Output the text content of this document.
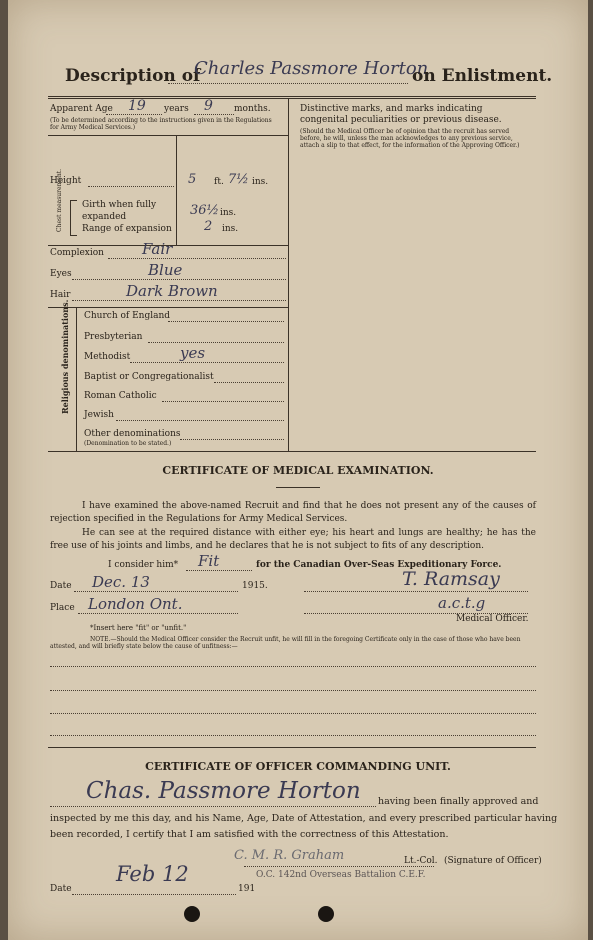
Description of
Charles Passmore Horton
on Enlistment.
Apparent Age 19 years 9 months.
(To be determined according to the instructions given in the Regulations for Army Medical Services.)
Height	5 ft. 7½ ins.
Chest measurement. Girth when fully expanded	36½ ins.
Range of expansion 2 ins.
Complexion	Fair
Eyes	Blue
Hair	Dark Brown
Religious denominations. Church of England
Presbyterian
Methodist	yes
Baptist or Congregationalist
Roman Catholic
Jewish
Other denominations
(Denomination to be stated.)
Distinctive marks, and marks indicating congenital peculiarities or previous disease.
(Should the Medical Officer be of opinion that the recruit has served before, he will, unless the man acknowledges to any previous service, attach a slip to that effect, for the information of the Approving Officer.)
CERTIFICATE OF MEDICAL EXAMINATION.
I have examined the above-named Recruit and find that he does not present any of the causes of rejection specified in the Regulations for Army Medical Services.
He can see at the required distance with either eye; his heart and lungs are healthy; he has the free use of his joints and limbs, and he declares that he is not subject to fits of any description.
I consider him* Fit	for the Canadian Over-Seas Expeditionary Force.
Date Dec. 13	1915.	T. Ramsay
Place London Ont.	a.c.t.g
Medical Officer.
*Insert here "fit" or "unfit."
NOTE.—Should the Medical Officer consider the Recruit unfit, he will fill in the foregoing Certificate only in the case of those who have been attested, and will briefly state below the cause of unfitness:—
CERTIFICATE OF OFFICER COMMANDING UNIT.
Chas. Passmore Horton having been finally approved and
inspected by me this day, and his Name, Age, Date of Attestation, and every prescribed particular having
been recorded, I certify that I am satisfied with the correctness of this Attestation.
C. M. R. Graham	Lt.-Col. (Signature of Officer)
O.C. 142nd Overseas Battalion C.E.F.
Date
Feb 12
191
